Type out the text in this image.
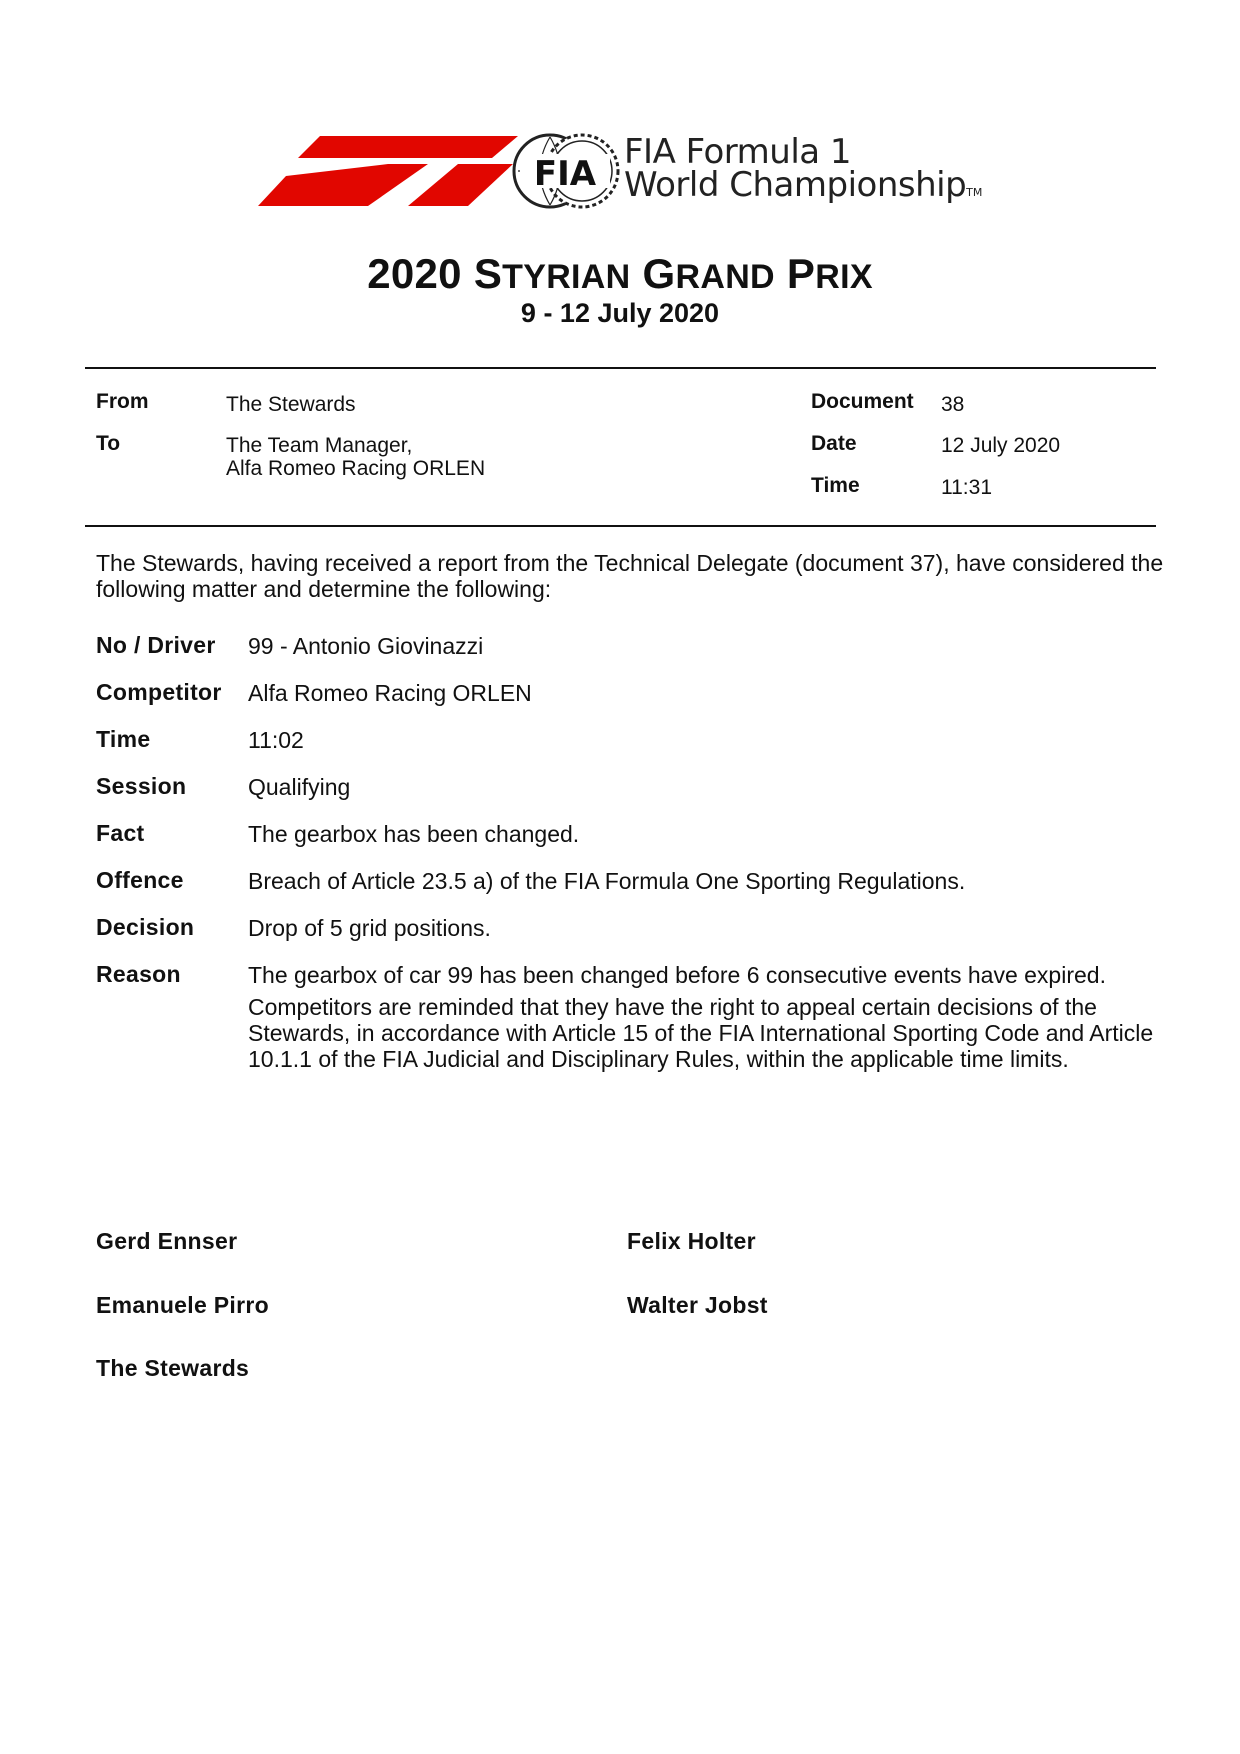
FIA
FIA Formula 1
World ChampionshipTM
2020 STYRIAN GRAND PRIX
9 - 12 July 2020
From	The Stewards
To	The Team Manager,
Alfa Romeo Racing ORLEN
Document 38
Date	12 July 2020
Time	11:31
The Stewards, having received a report from the Technical Delegate (document 37), have considered the following matter and determine the following:
No / Driver 99 - Antonio Giovinazzi
Competitor Alfa Romeo Racing ORLEN
Time	11:02
Session	Qualifying
Fact	The gearbox has been changed.
Offence	Breach of Article 23.5 a) of the FIA Formula One Sporting Regulations.
Decision Drop of 5 grid positions.
Reason	The gearbox of car 99 has been changed before 6 consecutive events have expired.
Competitors are reminded that they have the right to appeal certain decisions of the Stewards, in accordance with Article 15 of the FIA International Sporting Code and Article 10.1.1 of the FIA Judicial and Disciplinary Rules, within the applicable time limits.
Gerd Ennser	Felix Holter
Emanuele Pirro	Walter Jobst
The Stewards
